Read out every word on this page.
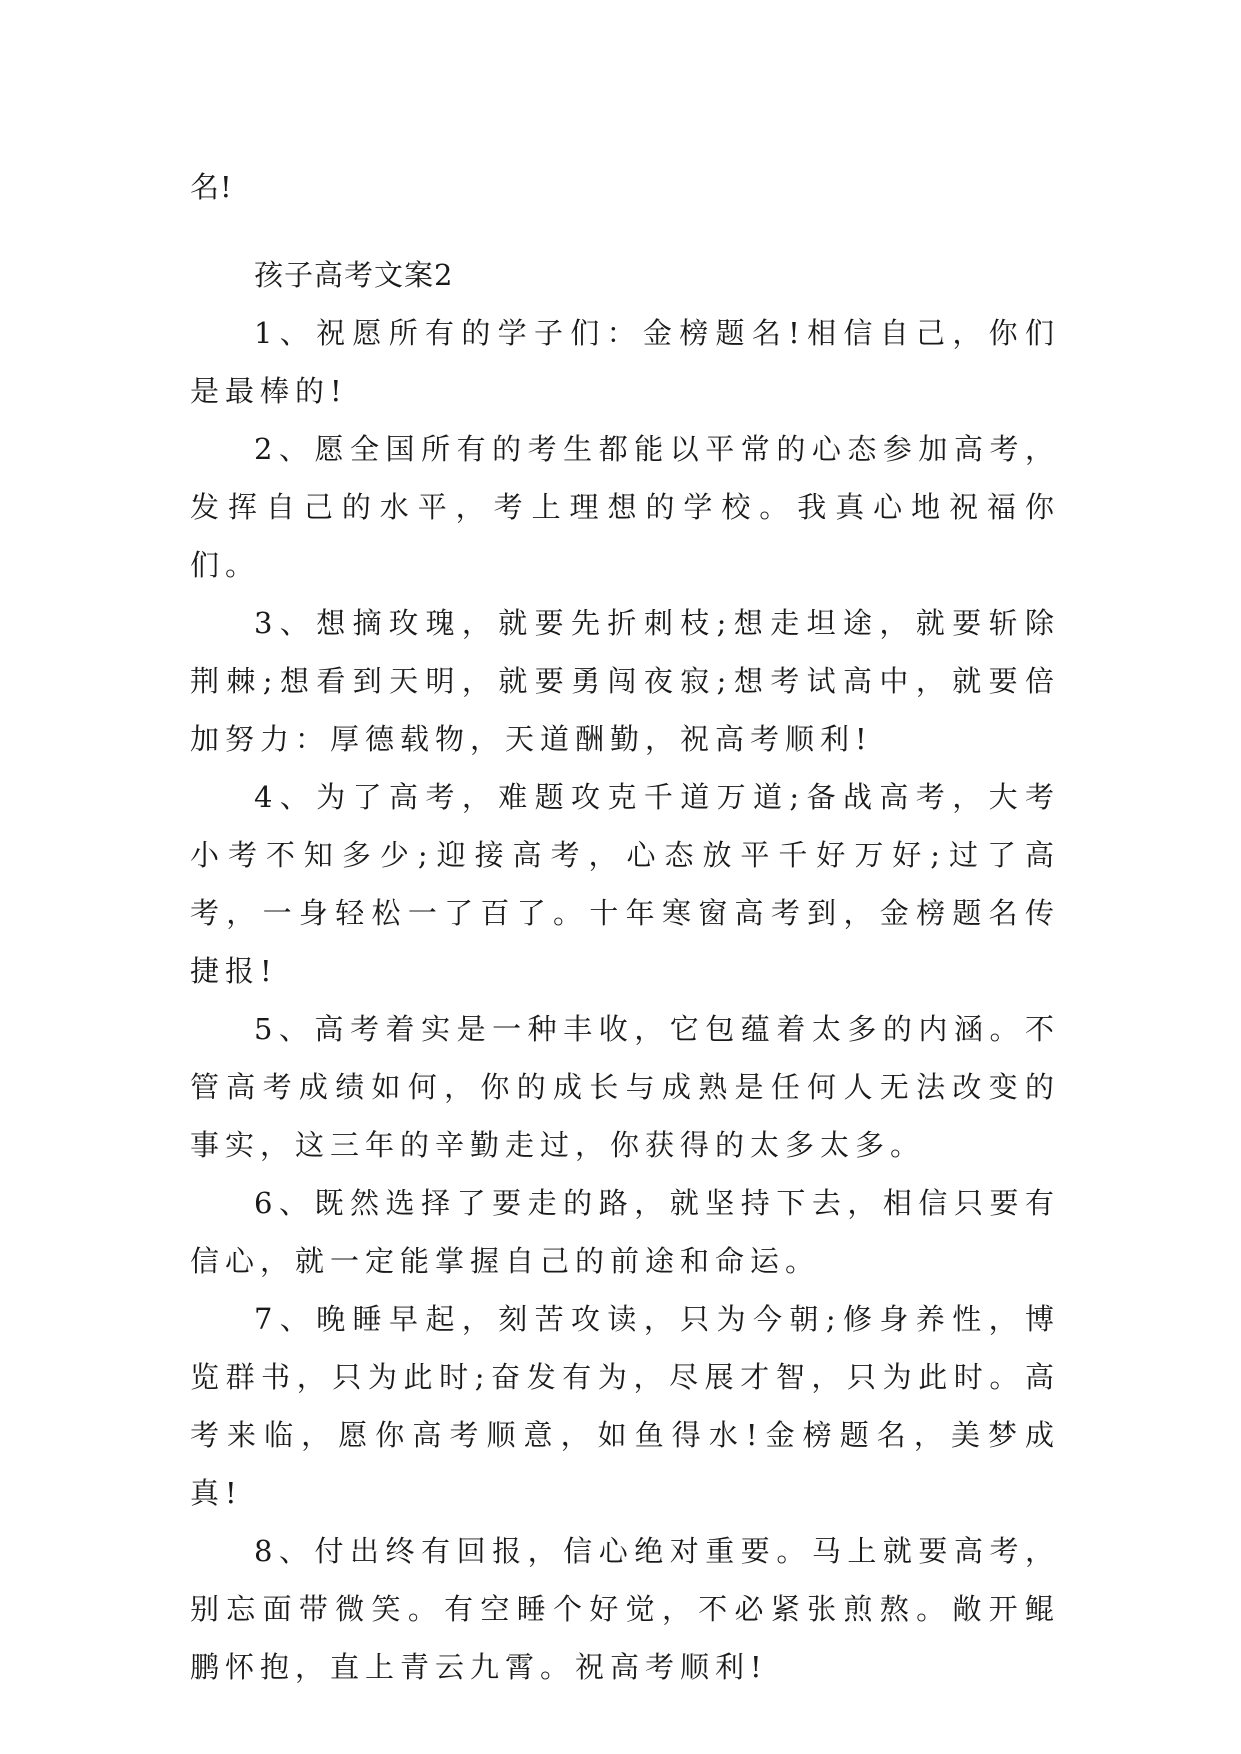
名!

孩子高考文案2

1、祝愿所有的学子们：金榜题名!相信自己，你们是最棒的!

2、愿全国所有的考生都能以平常的心态参加高考，发挥自己的水平，考上理想的学校。我真心地祝福你们。

3、想摘玫瑰，就要先折刺枝;想走坦途，就要斩除荆棘;想看到天明，就要勇闯夜寂;想考试高中，就要倍加努力：厚德载物，天道酬勤，祝高考顺利!

4、为了高考，难题攻克千道万道;备战高考，大考小考不知多少;迎接高考，心态放平千好万好;过了高考，一身轻松一了百了。十年寒窗高考到，金榜题名传捷报!

5、高考着实是一种丰收，它包蕴着太多的内涵。不管高考成绩如何，你的成长与成熟是任何人无法改变的事实，这三年的辛勤走过，你获得的太多太多。

6、既然选择了要走的路，就坚持下去，相信只要有信心，就一定能掌握自己的前途和命运。

7、晚睡早起，刻苦攻读，只为今朝;修身养性，博览群书，只为此时;奋发有为，尽展才智，只为此时。高考来临，愿你高考顺意，如鱼得水!金榜题名，美梦成真!

8、付出终有回报，信心绝对重要。马上就要高考，别忘面带微笑。有空睡个好觉，不必紧张煎熬。敞开鲲鹏怀抱，直上青云九霄。祝高考顺利!
